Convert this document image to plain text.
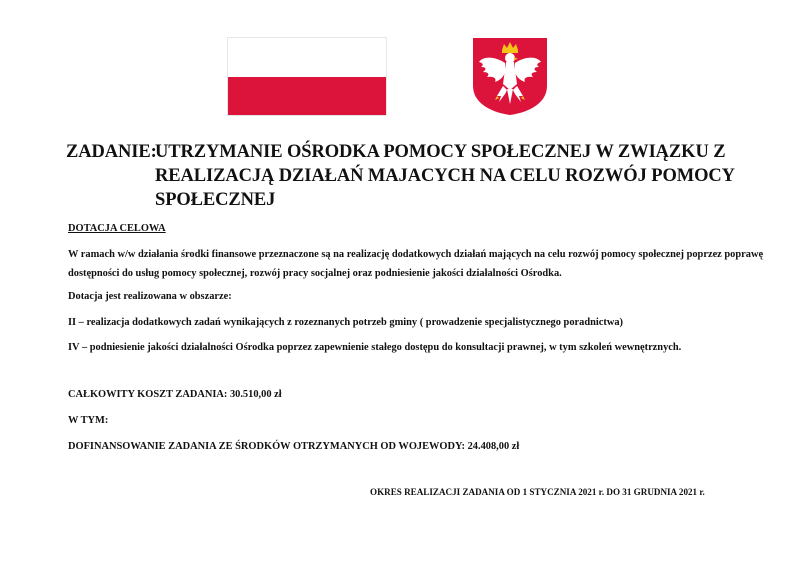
ZADANIE:
UTRZYMANIE OŚRODKA POMOCY SPOŁECZNEJ W ZWIĄZKU Z
REALIZACJĄ DZIAŁAŃ MAJACYCH NA CELU ROZWÓJ POMOCY
SPOŁECZNEJ
DOTACJA CELOWA
W ramach w/w działania środki finansowe przeznaczone są na realizację dodatkowych działań mających na celu rozwój pomocy społecznej poprzez poprawę dostępności do usług pomocy społecznej, rozwój pracy socjalnej oraz podniesienie jakości działalności Ośrodka.
Dotacja jest realizowana w obszarze:
II – realizacja dodatkowych zadań wynikających z rozeznanych potrzeb gminy ( prowadzenie specjalistycznego poradnictwa)
IV – podniesienie jakości działalności Ośrodka poprzez zapewnienie stałego dostępu do konsultacji prawnej, w tym szkoleń wewnętrznych.
CAŁKOWITY KOSZT ZADANIA: 30.510,00 zł
W TYM:
DOFINANSOWANIE ZADANIA ZE ŚRODKÓW OTRZYMANYCH OD WOJEWODY: 24.408,00 zł
OKRES REALIZACJI ZADANIA OD 1 STYCZNIA 2021 r. DO 31 GRUDNIA 2021 r.
